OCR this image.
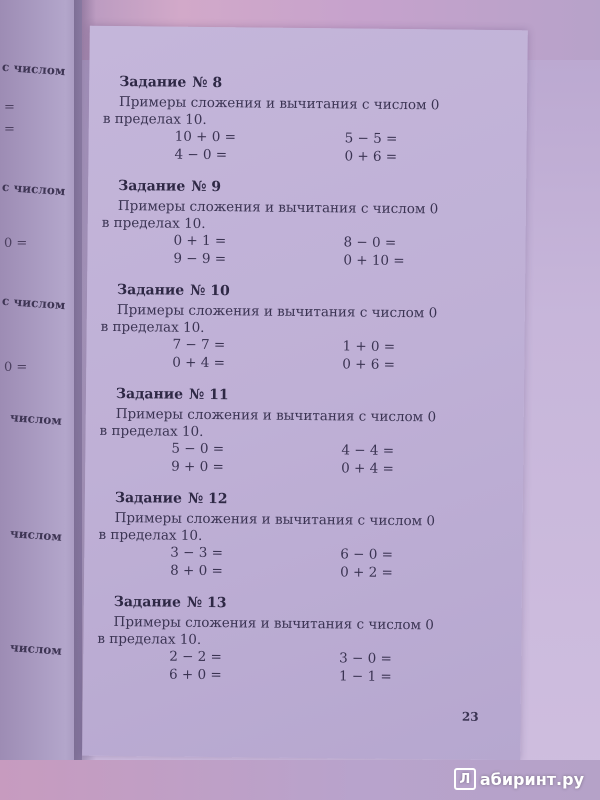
с числом
с числом
с числом
числом
числом
числом
=
=
0 =
0 =
Задание № 8
Примеры сложения и вычитания с числом 0
в пределах 10.
10 + 0 =	5 − 5 =
4 − 0 =	0 + 6 =
Задание № 9
Примеры сложения и вычитания с числом 0
в пределах 10.
0 + 1 =	8 − 0 =
9 − 9 =	0 + 10 =
Задание № 10
Примеры сложения и вычитания с числом 0
в пределах 10.
7 − 7 =	1 + 0 =
0 + 4 =	0 + 6 =
Задание № 11
Примеры сложения и вычитания с числом 0
в пределах 10.
5 − 0 =	4 − 4 =
9 + 0 =	0 + 4 =
Задание № 12
Примеры сложения и вычитания с числом 0
в пределах 10.
3 − 3 =	6 − 0 =
8 + 0 =	0 + 2 =
Задание № 13
Примеры сложения и вычитания с числом 0
в пределах 10.
2 − 2 =	3 − 0 =
6 + 0 =	1 − 1 =
23
Л абиринт.ру
